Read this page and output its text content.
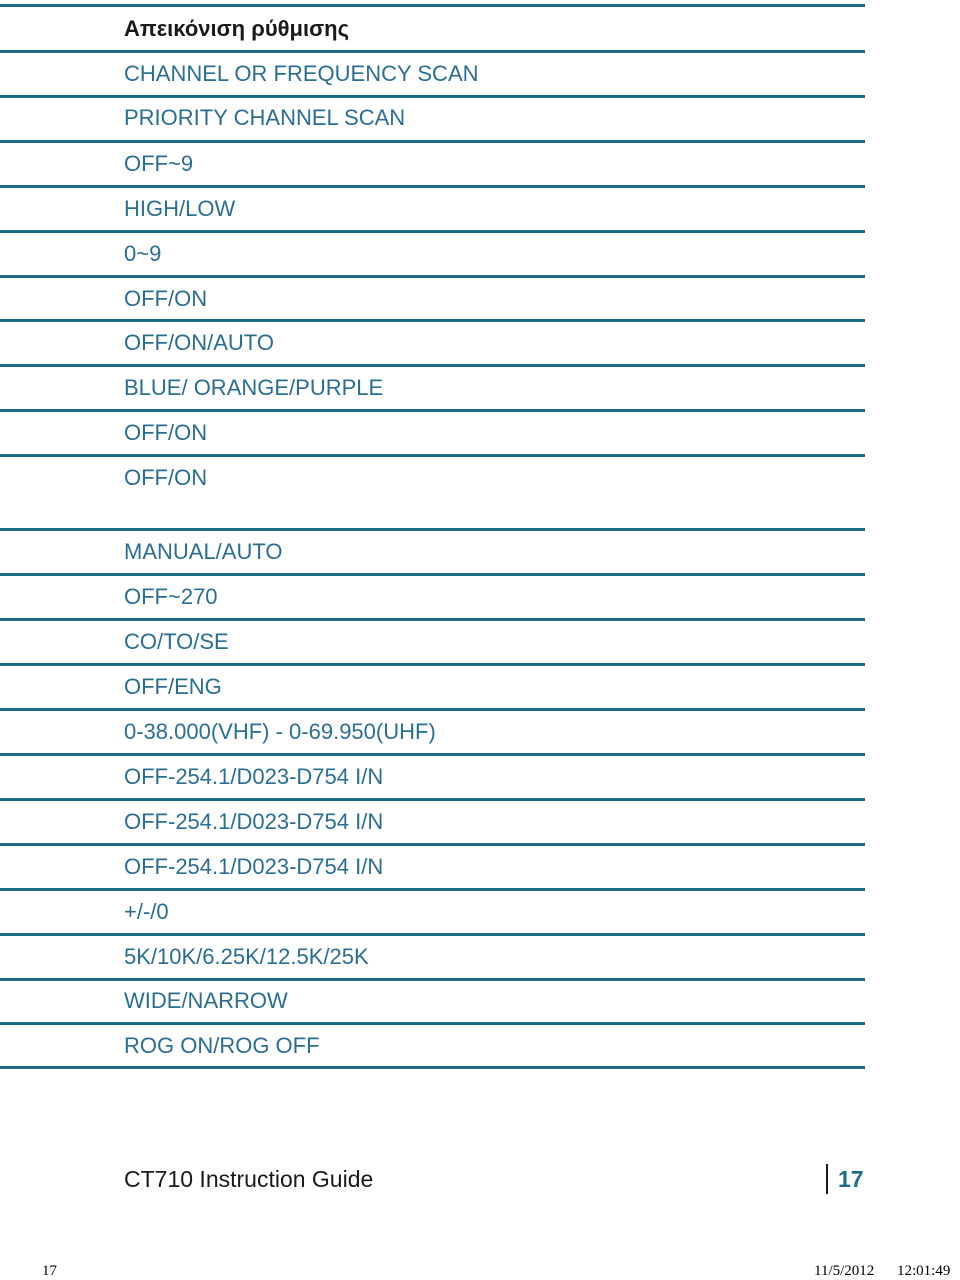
Απεικόνιση ρύθμισης
CHANNEL OR FREQUENCY SCAN
PRIORITY CHANNEL SCAN
OFF~9
HIGH/LOW
0~9
OFF/ON
OFF/ON/AUTO
BLUE/ ORANGE/PURPLE
OFF/ON
OFF/ON
MANUAL/AUTO
OFF~270
CO/TO/SE
OFF/ENG
0-38.000(VHF) - 0-69.950(UHF)
OFF-254.1/D023-D754 I/N
OFF-254.1/D023-D754 I/N
OFF-254.1/D023-D754 I/N
+/-/0
5K/10K/6.25K/12.5K/25K
WIDE/NARROW
ROG ON/ROG OFF
CT710 Instruction Guide	17
17	11/5/2012 12:01:49
